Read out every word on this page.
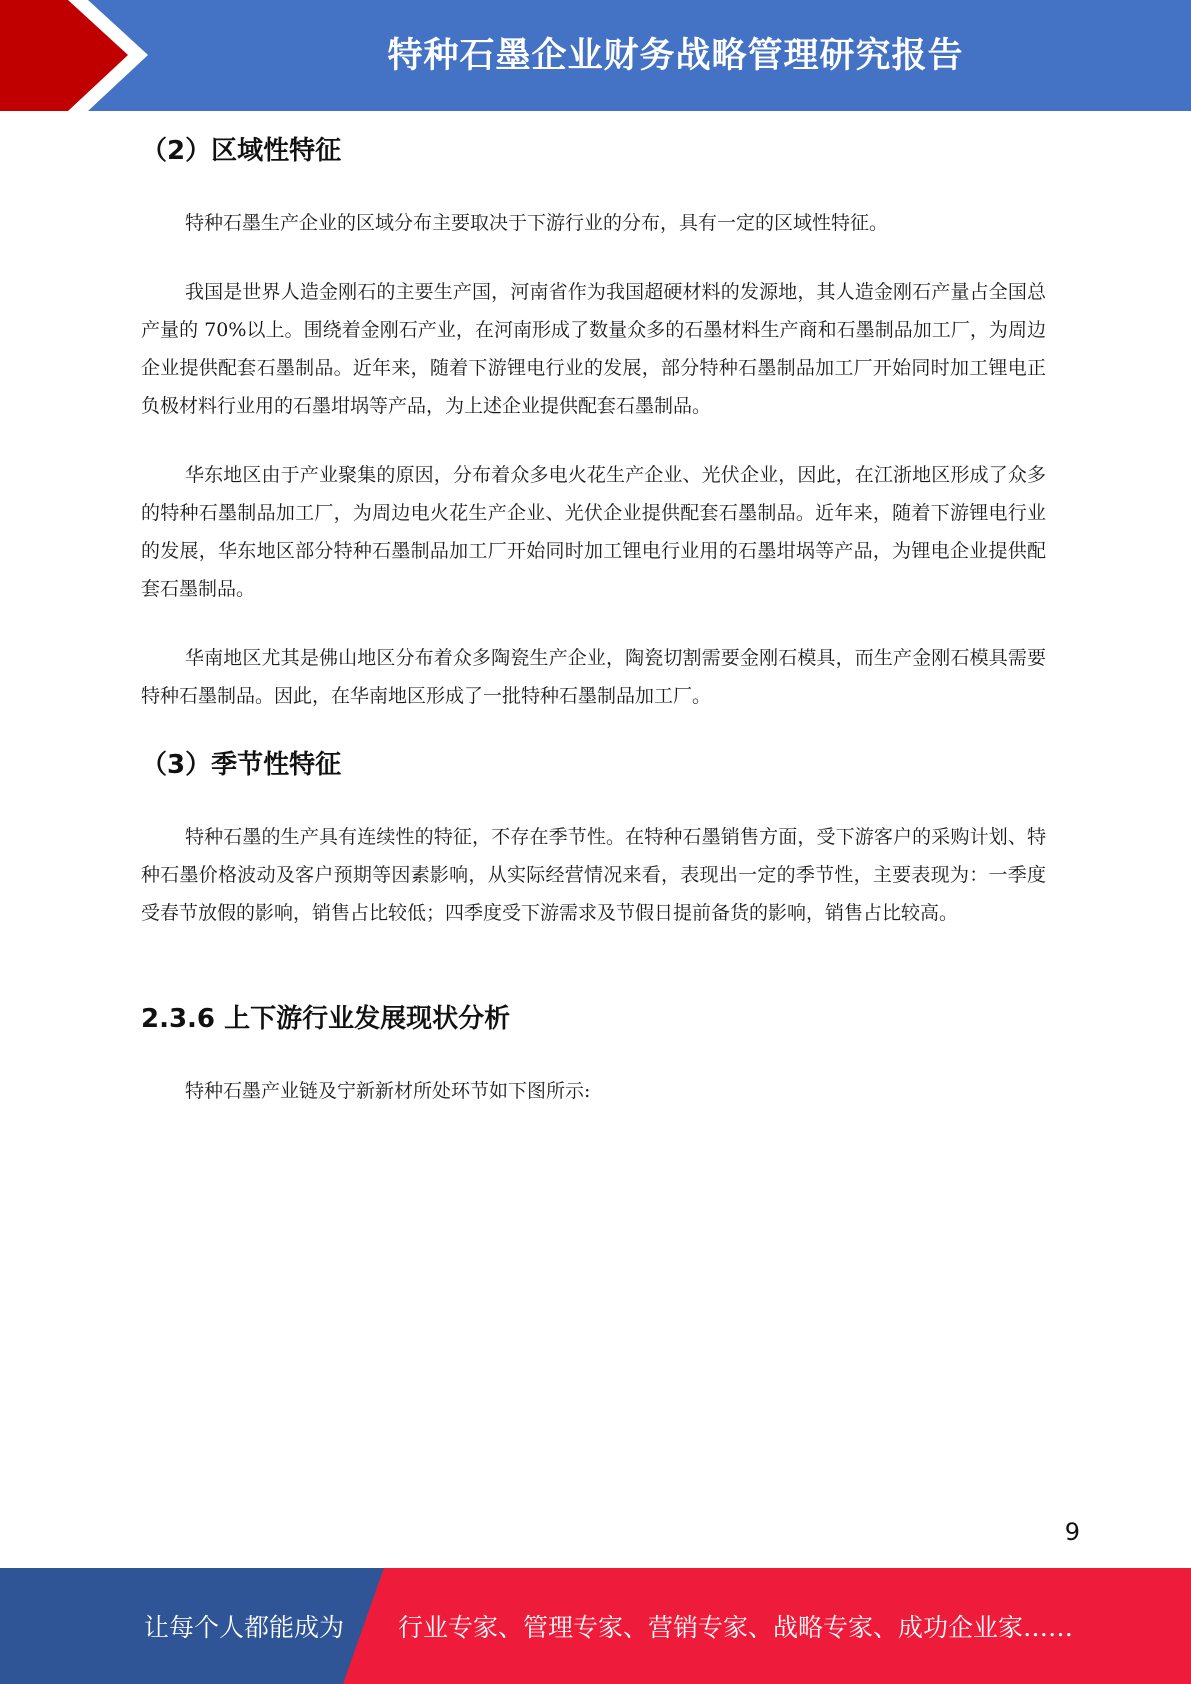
特种石墨企业财务战略管理研究报告
（2）区域性特征

特种石墨生产企业的区域分布主要取决于下游行业的分布，具有一定的区域性特征。

我国是世界人造金刚石的主要生产国，河南省作为我国超硬材料的发源地，其人造金刚石产量占全国总产量的 70%以上。围绕着金刚石产业，在河南形成了数量众多的石墨材料生产商和石墨制品加工厂，为周边企业提供配套石墨制品。近年来，随着下游锂电行业的发展，部分特种石墨制品加工厂开始同时加工锂电正负极材料行业用的石墨坩埚等产品，为上述企业提供配套石墨制品。

华东地区由于产业聚集的原因，分布着众多电火花生产企业、光伏企业，因此，在江浙地区形成了众多的特种石墨制品加工厂，为周边电火花生产企业、光伏企业提供配套石墨制品。近年来，随着下游锂电行业的发展，华东地区部分特种石墨制品加工厂开始同时加工锂电行业用的石墨坩埚等产品，为锂电企业提供配套石墨制品。

华南地区尤其是佛山地区分布着众多陶瓷生产企业，陶瓷切割需要金刚石模具，而生产金刚石模具需要特种石墨制品。因此，在华南地区形成了一批特种石墨制品加工厂。

（3）季节性特征

特种石墨的生产具有连续性的特征，不存在季节性。在特种石墨销售方面，受下游客户的采购计划、特种石墨价格波动及客户预期等因素影响，从实际经营情况来看，表现出一定的季节性，主要表现为：一季度受春节放假的影响，销售占比较低；四季度受下游需求及节假日提前备货的影响，销售占比较高。

2.3.6 上下游行业发展现状分析

特种石墨产业链及宁新新材所处环节如下图所示:

9
让每个人都能成为 行业专家、管理专家、营销专家、战略专家、成功企业家……
